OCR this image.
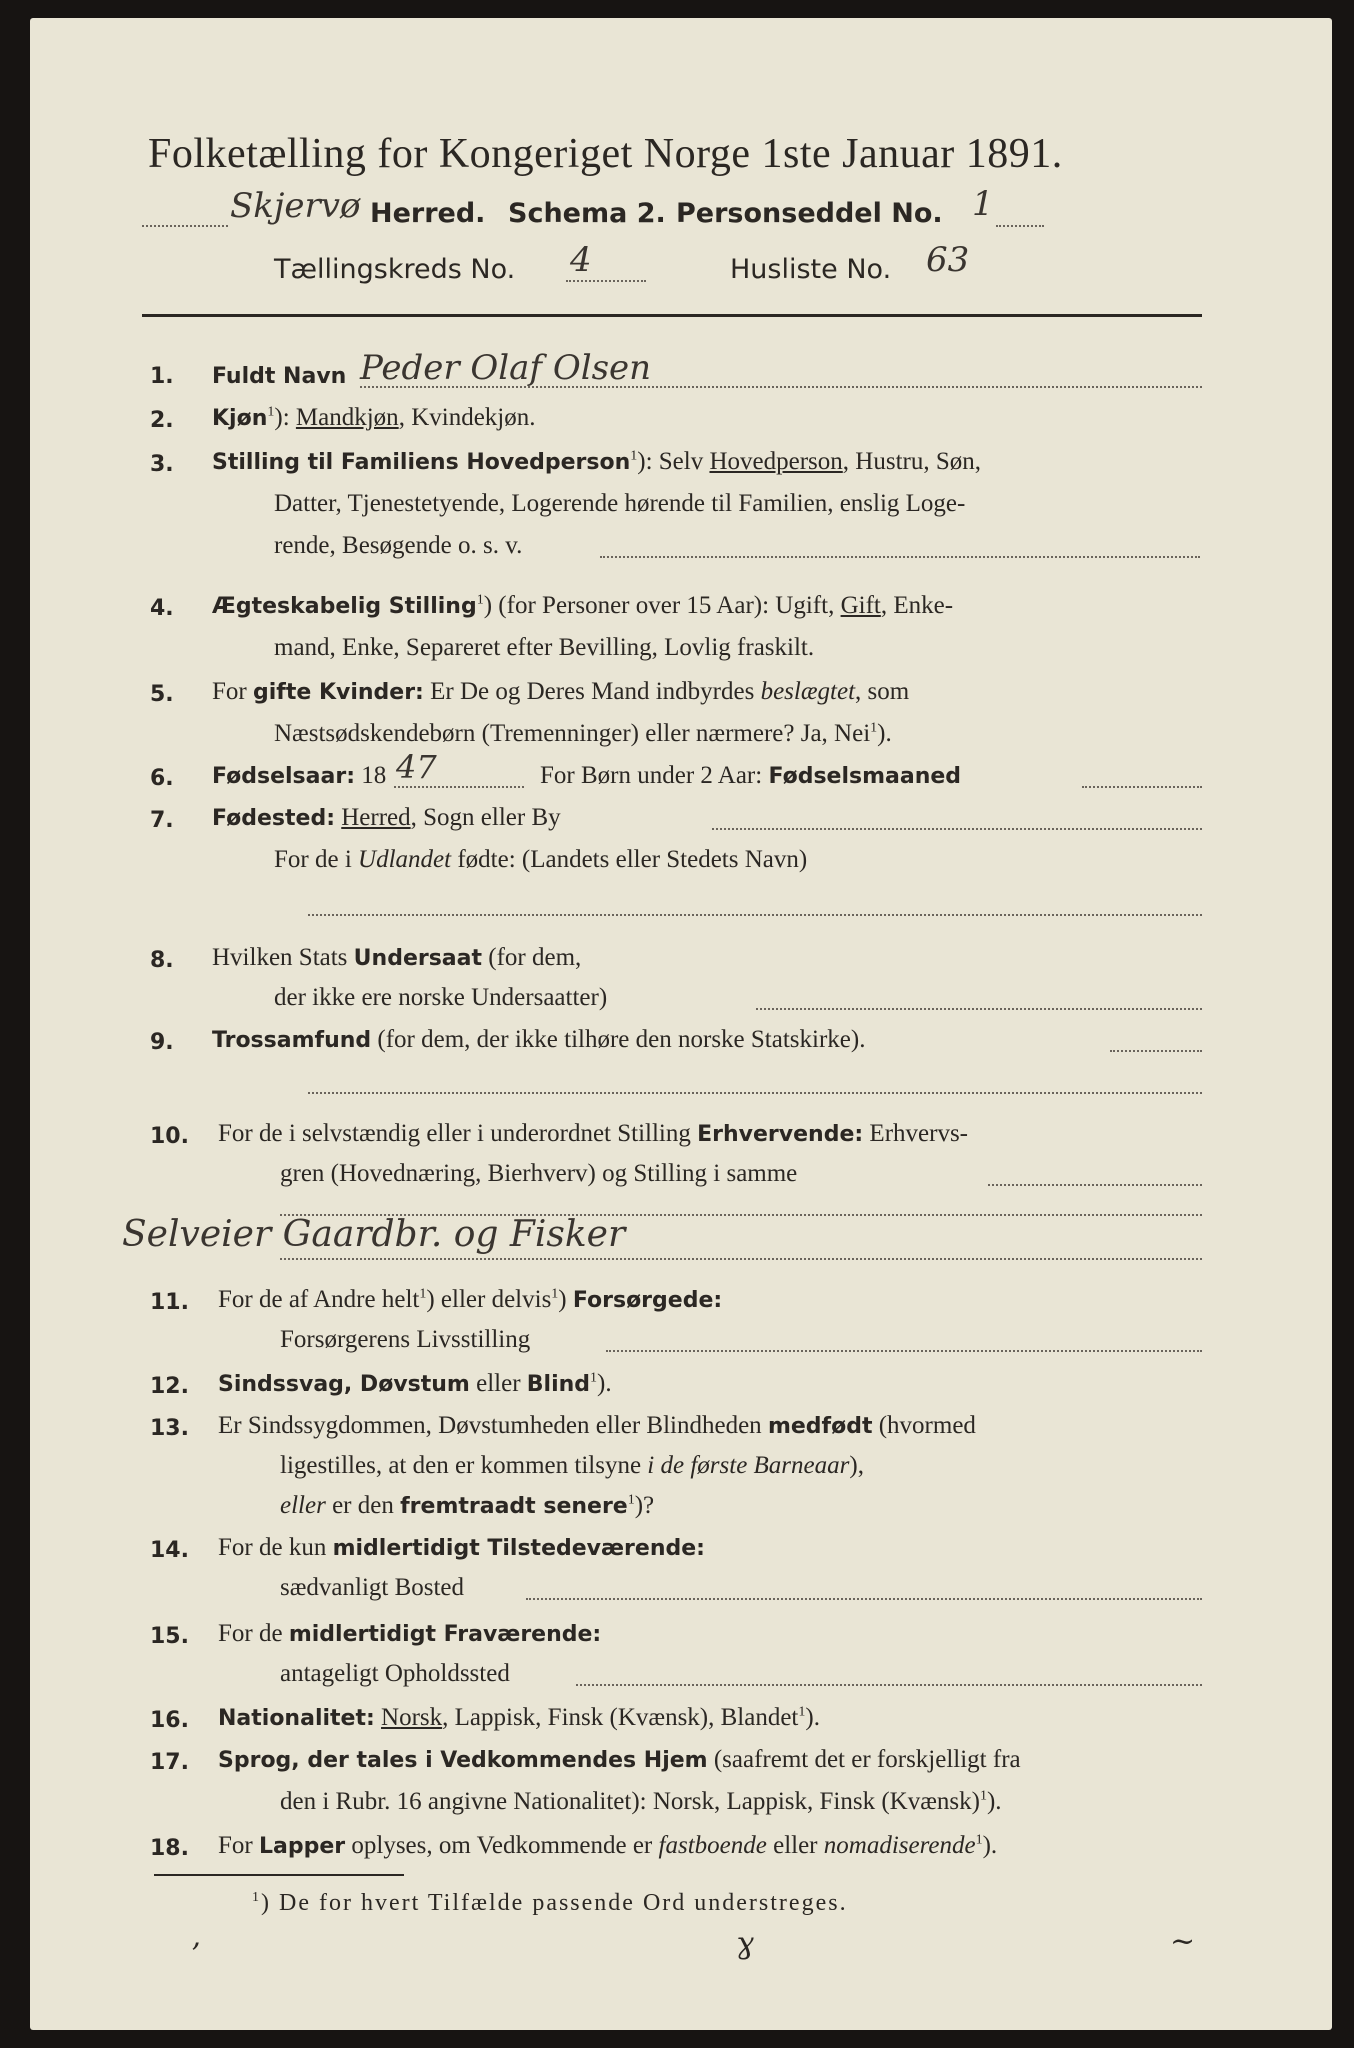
Folketælling for Kongeriget Norge 1ste Januar 1891.
Skjervø Herred. Schema 2. Personseddel No. 1
Tællingskreds No. 4	Husliste No. 63
1. Fuldt Navn Peder Olaf Olsen
2. Kjøn$^1$): Mandkjøn, Kvindekjøn.
3. Stilling til Familiens Hovedperson$^1$): Selv Hovedperson, Hustru, Søn,
Datter, Tjenestetyende, Logerende hørende til Familien, enslig Loge-
rende, Besøgende o. s. v.
4. Ægteskabelig Stilling$^1$) (for Personer over 15 Aar): Ugift, Gift, Enke-
mand, Enke, Separeret efter Bevilling, Lovlig fraskilt.
5. For gifte Kvinder: Er De og Deres Mand indbyrdes beslægtet, som
Næstsødskendebørn (Tremenninger) eller nærmere? Ja, Nei$^1$).
6. Fødselsaar: 18 47	For Børn under 2 Aar: Fødselsmaaned
7. Fødested: Herred, Sogn eller By
For de i Udlandet fødte: (Landets eller Stedets Navn)
8. Hvilken Stats Undersaat (for dem,
der ikke ere norske Undersaatter)
9. Trossamfund (for dem, der ikke tilhøre den norske Statskirke).
10. For de i selvstændig eller i underordnet Stilling Erhvervende: Erhvervs-
gren (Hovednæring, Bierhverv) og Stilling i samme
Selveier Gaardbr. og Fisker
11. For de af Andre helt$^1$) eller delvis$^1$) Forsørgede:
Forsørgerens Livsstilling
12. Sindssvag, Døvstum eller Blind$^1$).
13. Er Sindssygdommen, Døvstumheden eller Blindheden medfødt (hvormed
ligestilles, at den er kommen tilsyne i de første Barneaar),
eller er den fremtraadt senere$^1$)?
14. For de kun midlertidigt Tilstedeværende:
sædvanligt Bosted
15. For de midlertidigt Fraværende:
antageligt Opholdssted
16. Nationalitet: Norsk, Lappisk, Finsk (Kvænsk), Blandet$^1$).
17. Sprog, der tales i Vedkommendes Hjem (saafremt det er forskjelligt fra
den i Rubr. 16 angivne Nationalitet): Norsk, Lappisk, Finsk (Kvænsk)$^1$).
18. For Lapper oplyses, om Vedkommende er fastboende eller nomadiserende$^1$).
$^1$) De for hvert Tilfælde passende Ord understreges.
ʼ	ɣ	~
